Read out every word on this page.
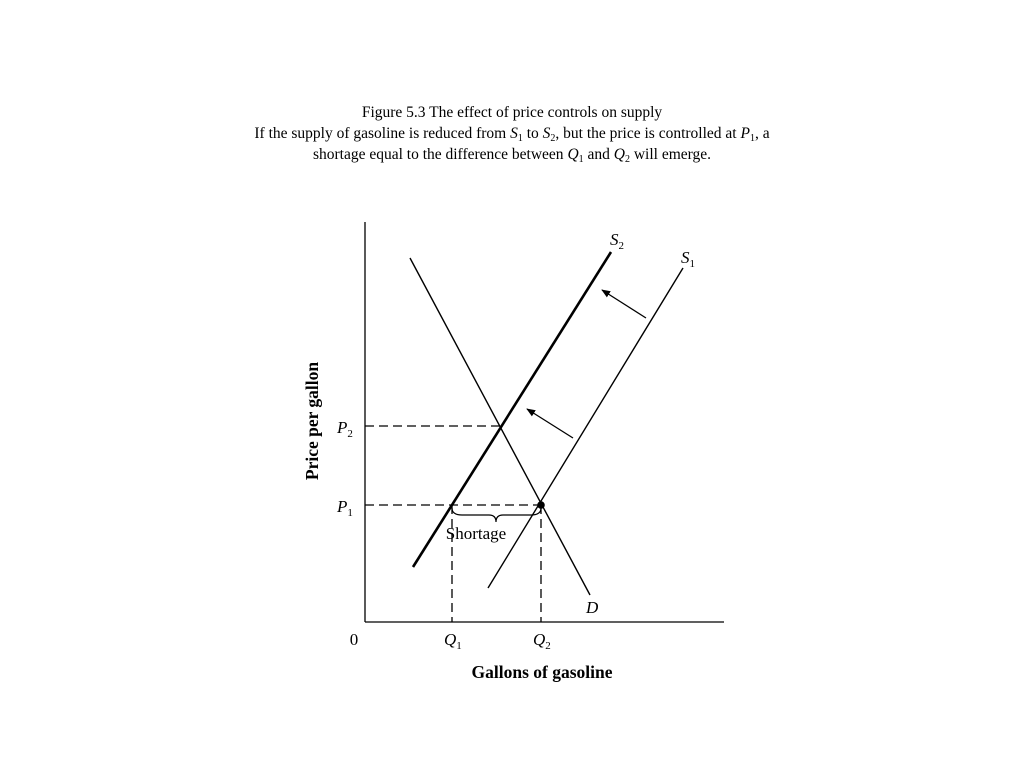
Figure 5.3 The effect of price controls on supply
If the supply of gasoline is reduced from $S_1$ to $S_2$, but the price is controlled at $P_1$, a
shortage equal to the difference between $Q_1$ and $Q_2$ will emerge.
Shortage
D
$S_2$
$S_1$
$P_2$
$P_1$
$Q_1$	$Q_2$
0
Gallons of gasoline
Price per gallon
